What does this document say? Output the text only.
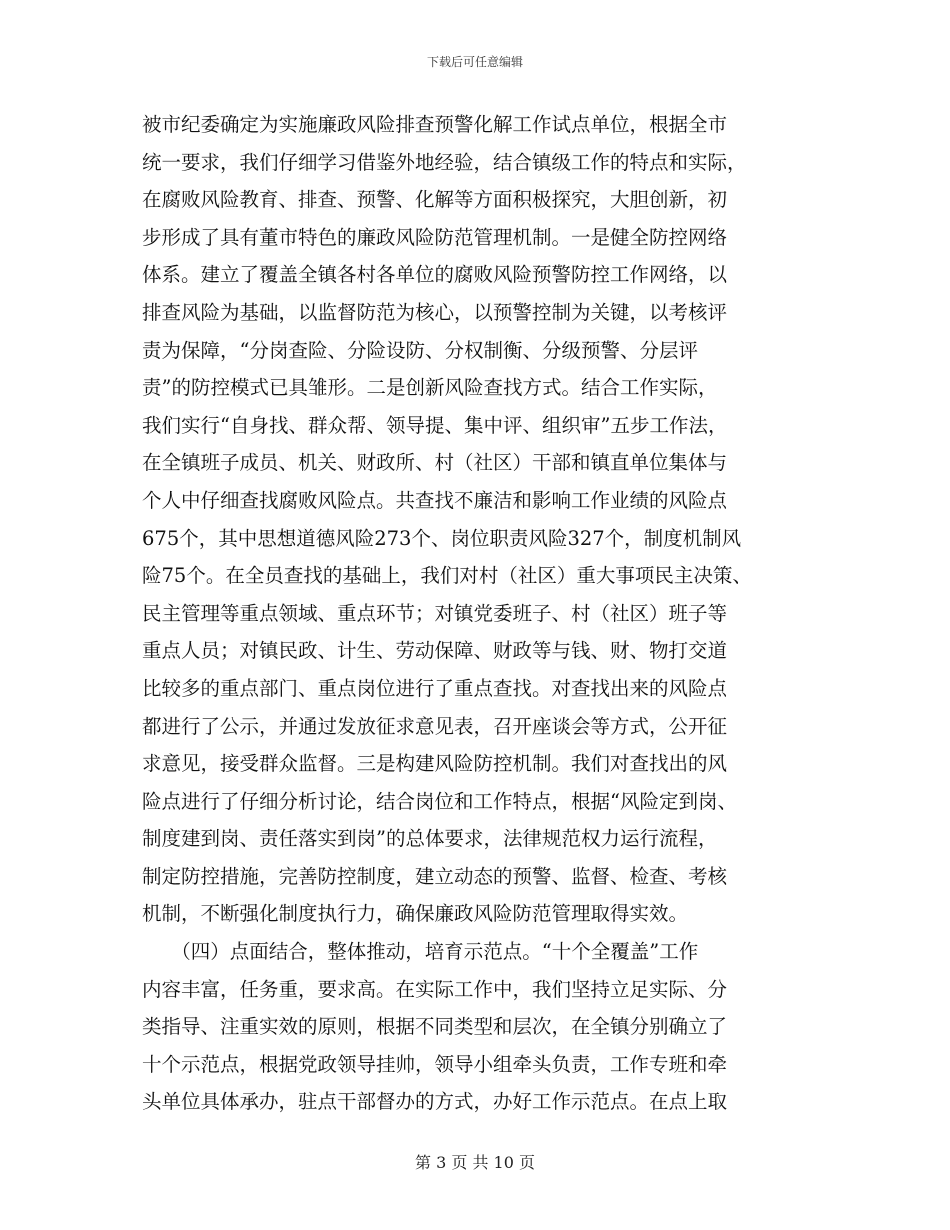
下载后可任意编辑
被市纪委确定为实施廉政风险排查预警化解工作试点单位，根据全市
统一要求，我们仔细学习借鉴外地经验，结合镇级工作的特点和实际，
在腐败风险教育、排查、预警、化解等方面积极探究，大胆创新，初
步形成了具有董市特色的廉政风险防范管理机制。一是健全防控网络
体系。建立了覆盖全镇各村各单位的腐败风险预警防控工作网络，以
排查风险为基础，以监督防范为核心，以预警控制为关键，以考核评
责为保障，“分岗查险、分险设防、分权制衡、分级预警、分层评
责”的防控模式已具雏形。二是创新风险查找方式。结合工作实际，
我们实行“自身找、群众帮、领导提、集中评、组织审”五步工作法，
在全镇班子成员、机关、财政所、村（社区）干部和镇直单位集体与
个人中仔细查找腐败风险点。共查找不廉洁和影响工作业绩的风险点
675个，其中思想道德风险273个、岗位职责风险327个，制度机制风
险75个。在全员查找的基础上，我们对村（社区）重大事项民主决策、
民主管理等重点领域、重点环节；对镇党委班子、村（社区）班子等
重点人员；对镇民政、计生、劳动保障、财政等与钱、财、物打交道
比较多的重点部门、重点岗位进行了重点查找。对查找出来的风险点
都进行了公示，并通过发放征求意见表，召开座谈会等方式，公开征
求意见，接受群众监督。三是构建风险防控机制。我们对查找出的风
险点进行了仔细分析讨论，结合岗位和工作特点，根据“风险定到岗、
制度建到岗、责任落实到岗”的总体要求，法律规范权力运行流程，
制定防控措施，完善防控制度，建立动态的预警、监督、检查、考核
机制，不断强化制度执行力，确保廉政风险防范管理取得实效。
　　（四）点面结合，整体推动，培育示范点。“十个全覆盖”工作
内容丰富，任务重，要求高。在实际工作中，我们坚持立足实际、分
类指导、注重实效的原则，根据不同类型和层次，在全镇分别确立了
十个示范点，根据党政领导挂帅，领导小组牵头负责，工作专班和牵
头单位具体承办，驻点干部督办的方式，办好工作示范点。在点上取
第 3 页 共 10 页
